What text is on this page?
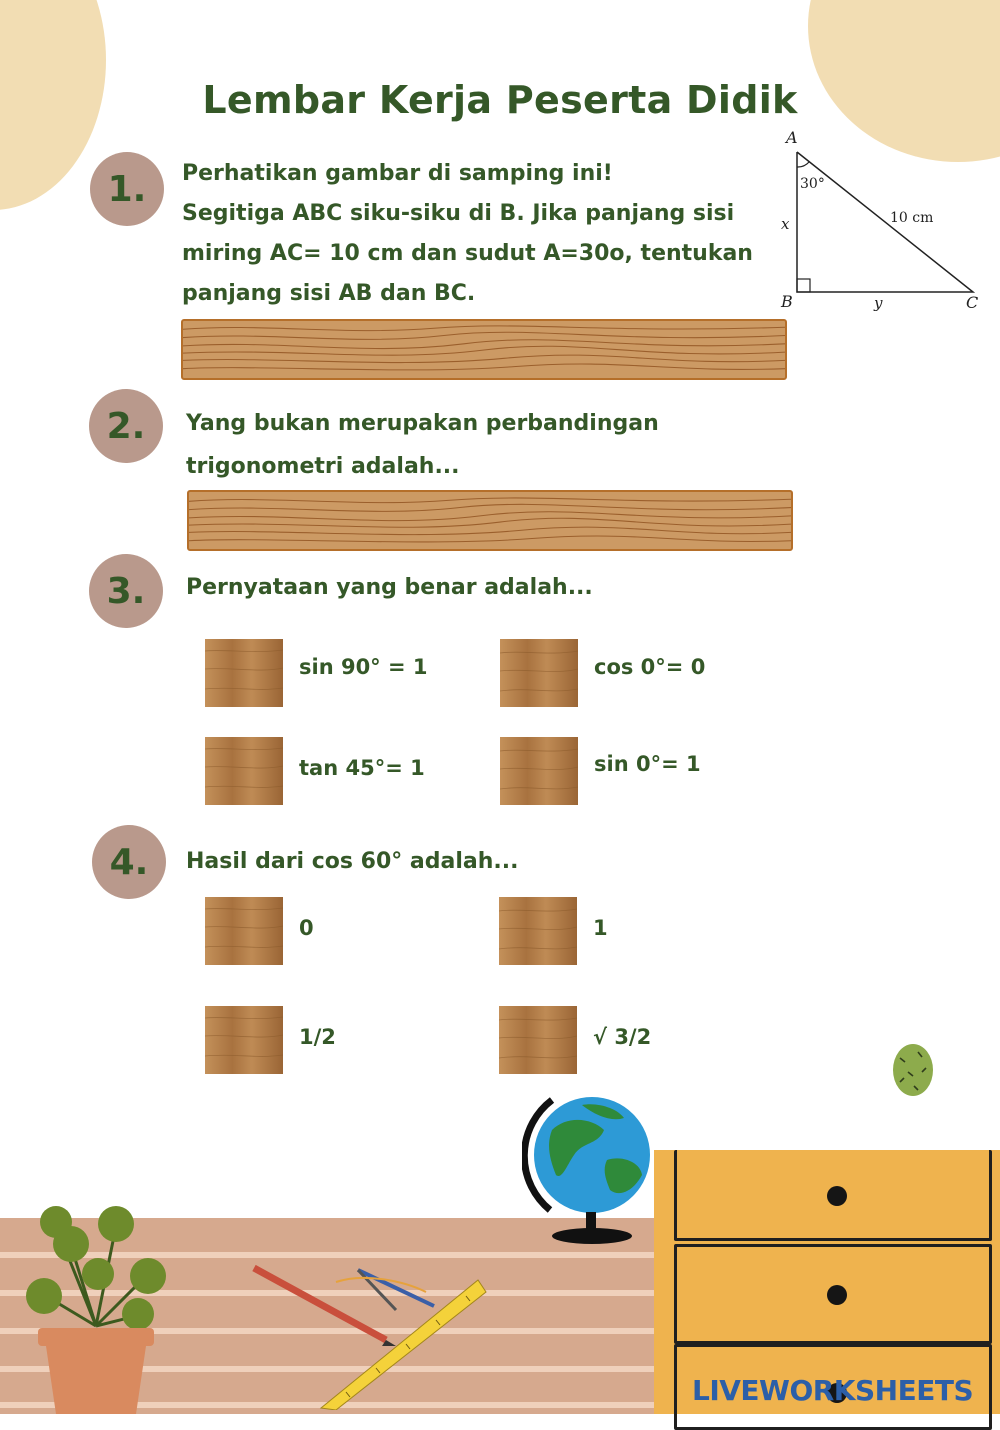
Lembar Kerja Peserta Didik
1.	Perhatikan gambar di samping ini!
Segitiga ABC siku-siku di B. Jika panjang sisi
miring AC= 10 cm dan sudut A=30o, tentukan
panjang sisi AB dan BC.
A
30°
10 cm
x
B	y	C
2.	Yang bukan merupakan perbandingan
trigonometri adalah...
3.	Pernyataan yang benar adalah...
sin 90° = 1	cos 0°= 0
tan 45°= 1	sin 0°= 1
4.	Hasil dari cos 60° adalah...
0	1
1/2	√ 3/2
LIVEWORKSHEETS
